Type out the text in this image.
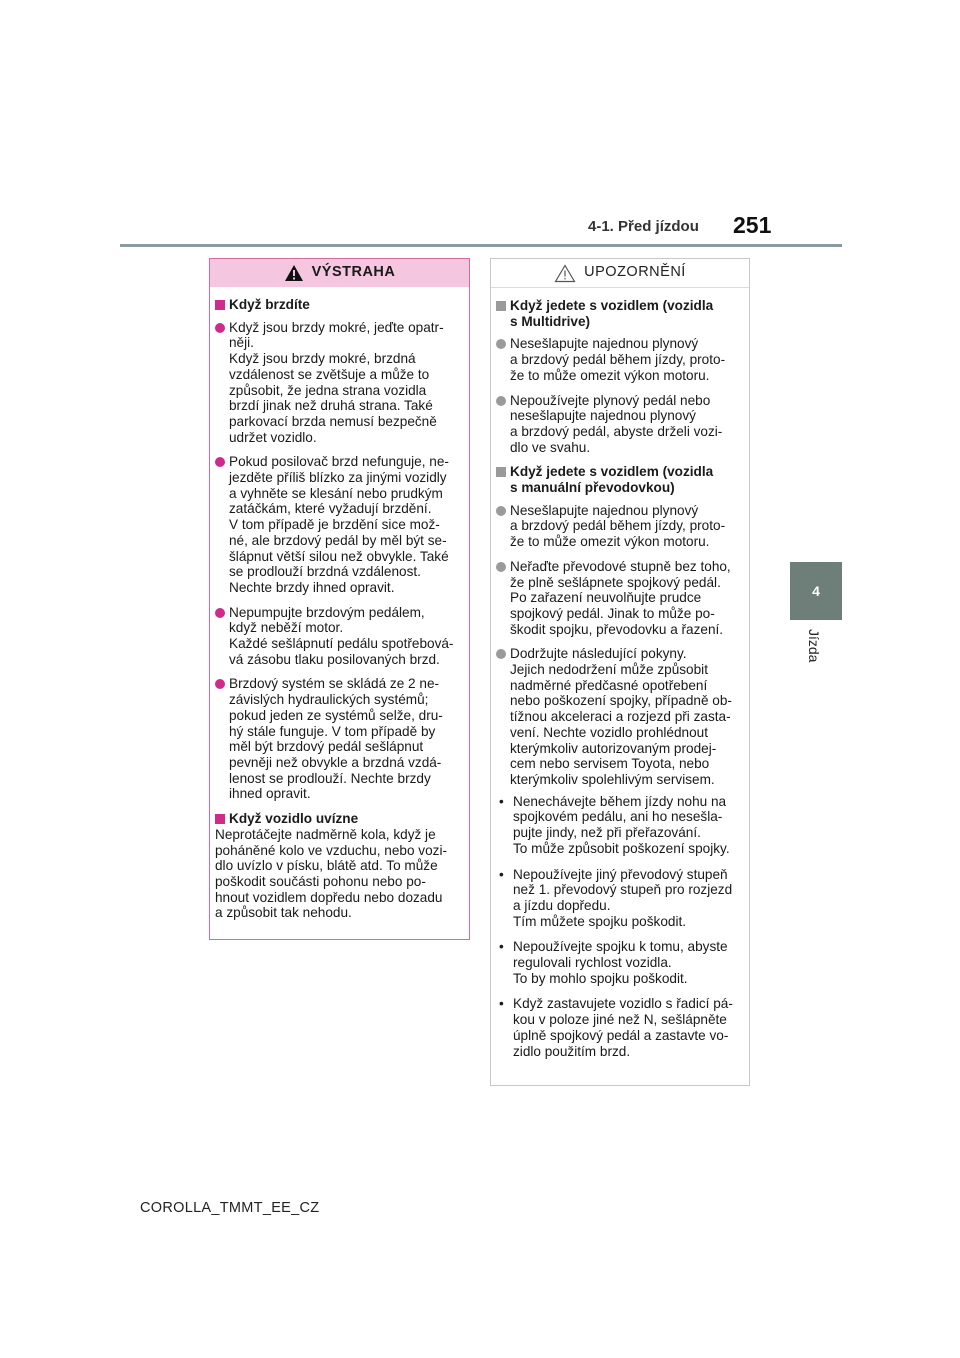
4-1. Před jízdou 251
4
Jízda
VÝSTRAHA
Když brzdíte
Když jsou brzdy mokré, jeďte opatr-
něji.
Když jsou brzdy mokré, brzdná
vzdálenost se zvětšuje a může to
způsobit, že jedna strana vozidla
brzdí jinak než druhá strana. Také
parkovací brzda nemusí bezpečně
udržet vozidlo.
Pokud posilovač brzd nefunguje, ne-
jezděte příliš blízko za jinými vozidly
a vyhněte se klesání nebo prudkým
zatáčkám, které vyžadují brzdění.
V tom případě je brzdění sice mož-
né, ale brzdový pedál by měl být se-
šlápnut větší silou než obvykle. Také
se prodlouží brzdná vzdálenost.
Nechte brzdy ihned opravit.
Nepumpujte brzdovým pedálem,
když neběží motor.
Každé sešlápnutí pedálu spotřebová-
vá zásobu tlaku posilovaných brzd.
Brzdový systém se skládá ze 2 ne-
závislých hydraulických systémů;
pokud jeden ze systémů selže, dru-
hý stále funguje. V tom případě by
měl být brzdový pedál sešlápnut
pevněji než obvykle a brzdná vzdá-
lenost se prodlouží. Nechte brzdy
ihned opravit.
Když vozidlo uvízne
Neprotáčejte nadměrně kola, když je
poháněné kolo ve vzduchu, nebo vozi-
dlo uvízlo v písku, blátě atd. To může
poškodit součásti pohonu nebo po-
hnout vozidlem dopředu nebo dozadu
a způsobit tak nehodu.
UPOZORNĚNÍ
Když jedete s vozidlem (vozidla
s Multidrive)
Nesešlapujte najednou plynový
a brzdový pedál během jízdy, proto-
že to může omezit výkon motoru.
Nepoužívejte plynový pedál nebo
nesešlapujte najednou plynový
a brzdový pedál, abyste drželi vozi-
dlo ve svahu.
Když jedete s vozidlem (vozidla
s manuální převodovkou)
Nesešlapujte najednou plynový
a brzdový pedál během jízdy, proto-
že to může omezit výkon motoru.
Neřaďte převodové stupně bez toho,
že plně sešlápnete spojkový pedál.
Po zařazení neuvolňujte prudce
spojkový pedál. Jinak to může po-
škodit spojku, převodovku a řazení.
Dodržujte následující pokyny.
Jejich nedodržení může způsobit
nadměrné předčasné opotřebení
nebo poškození spojky, případně ob-
tížnou akceleraci a rozjezd při zasta-
vení. Nechte vozidlo prohlédnout
kterýmkoliv autorizovaným prodej-
cem nebo servisem Toyota, nebo
kterýmkoliv spolehlivým servisem.
• Nenechávejte během jízdy nohu na
spojkovém pedálu, ani ho nesešla-
pujte jindy, než při přeřazování.
To může způsobit poškození spojky.
• Nepoužívejte jiný převodový stupeň
než 1. převodový stupeň pro rozjezd
a jízdu dopředu.
Tím můžete spojku poškodit.
• Nepoužívejte spojku k tomu, abyste
regulovali rychlost vozidla.
To by mohlo spojku poškodit.
• Když zastavujete vozidlo s řadicí pá-
kou v poloze jiné než N, sešlápněte
úplně spojkový pedál a zastavte vo-
zidlo použitím brzd.
COROLLA_TMMT_EE_CZ
